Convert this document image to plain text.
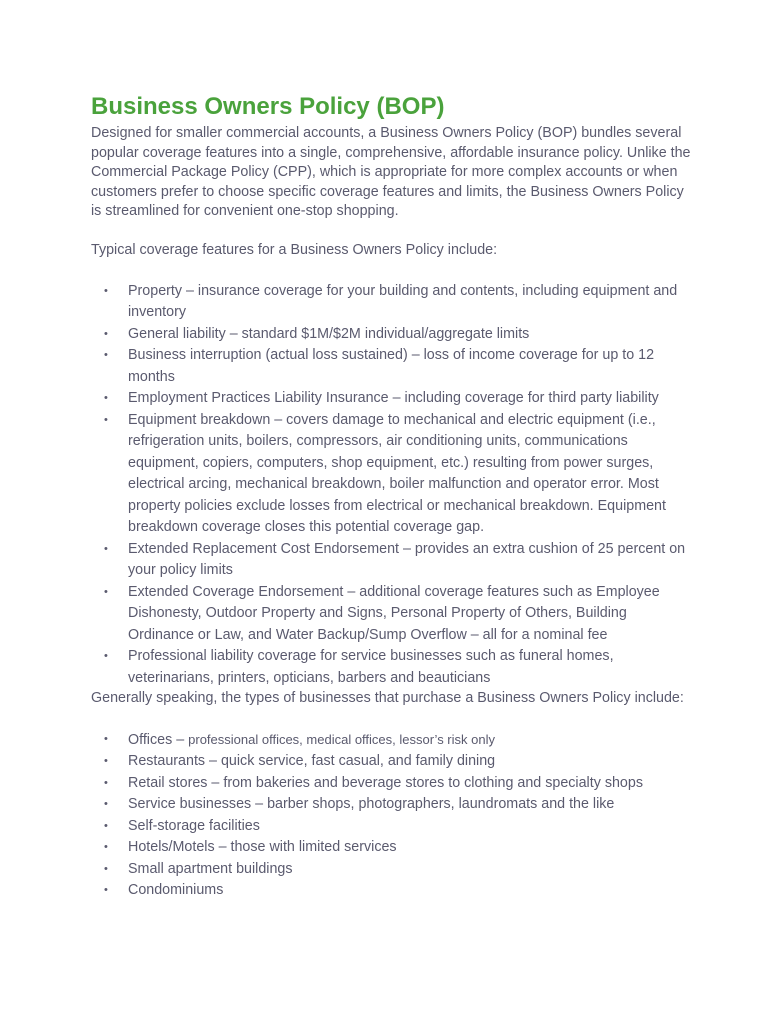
Business Owners Policy (BOP)

Designed for smaller commercial accounts, a Business Owners Policy (BOP) bundles several popular coverage features into a single, comprehensive, affordable insurance policy. Unlike the Commercial Package Policy (CPP), which is appropriate for more complex accounts or when customers prefer to choose specific coverage features and limits, the Business Owners Policy is streamlined for convenient one-stop shopping.

Typical coverage features for a Business Owners Policy include:

• Property – insurance coverage for your building and contents, including equipment and inventory
• General liability – standard $1M/$2M individual/aggregate limits
• Business interruption (actual loss sustained) – loss of income coverage for up to 12 months
• Employment Practices Liability Insurance – including coverage for third party liability
• Equipment breakdown – covers damage to mechanical and electric equipment (i.e., refrigeration units, boilers, compressors, air conditioning units, communications equipment, copiers, computers, shop equipment, etc.) resulting from power surges, electrical arcing, mechanical breakdown, boiler malfunction and operator error. Most property policies exclude losses from electrical or mechanical breakdown. Equipment breakdown coverage closes this potential coverage gap.
• Extended Replacement Cost Endorsement – provides an extra cushion of 25 percent on your policy limits
• Extended Coverage Endorsement – additional coverage features such as Employee Dishonesty, Outdoor Property and Signs, Personal Property of Others, Building Ordinance or Law, and Water Backup/Sump Overflow – all for a nominal fee
• Professional liability coverage for service businesses such as funeral homes, veterinarians, printers, opticians, barbers and beauticians

Generally speaking, the types of businesses that purchase a Business Owners Policy include:

• Offices – professional offices, medical offices, lessor’s risk only
• Restaurants – quick service, fast casual, and family dining
• Retail stores – from bakeries and beverage stores to clothing and specialty shops
• Service businesses – barber shops, photographers, laundromats and the like
• Self-storage facilities
• Hotels/Motels – those with limited services
• Small apartment buildings
• Condominiums
